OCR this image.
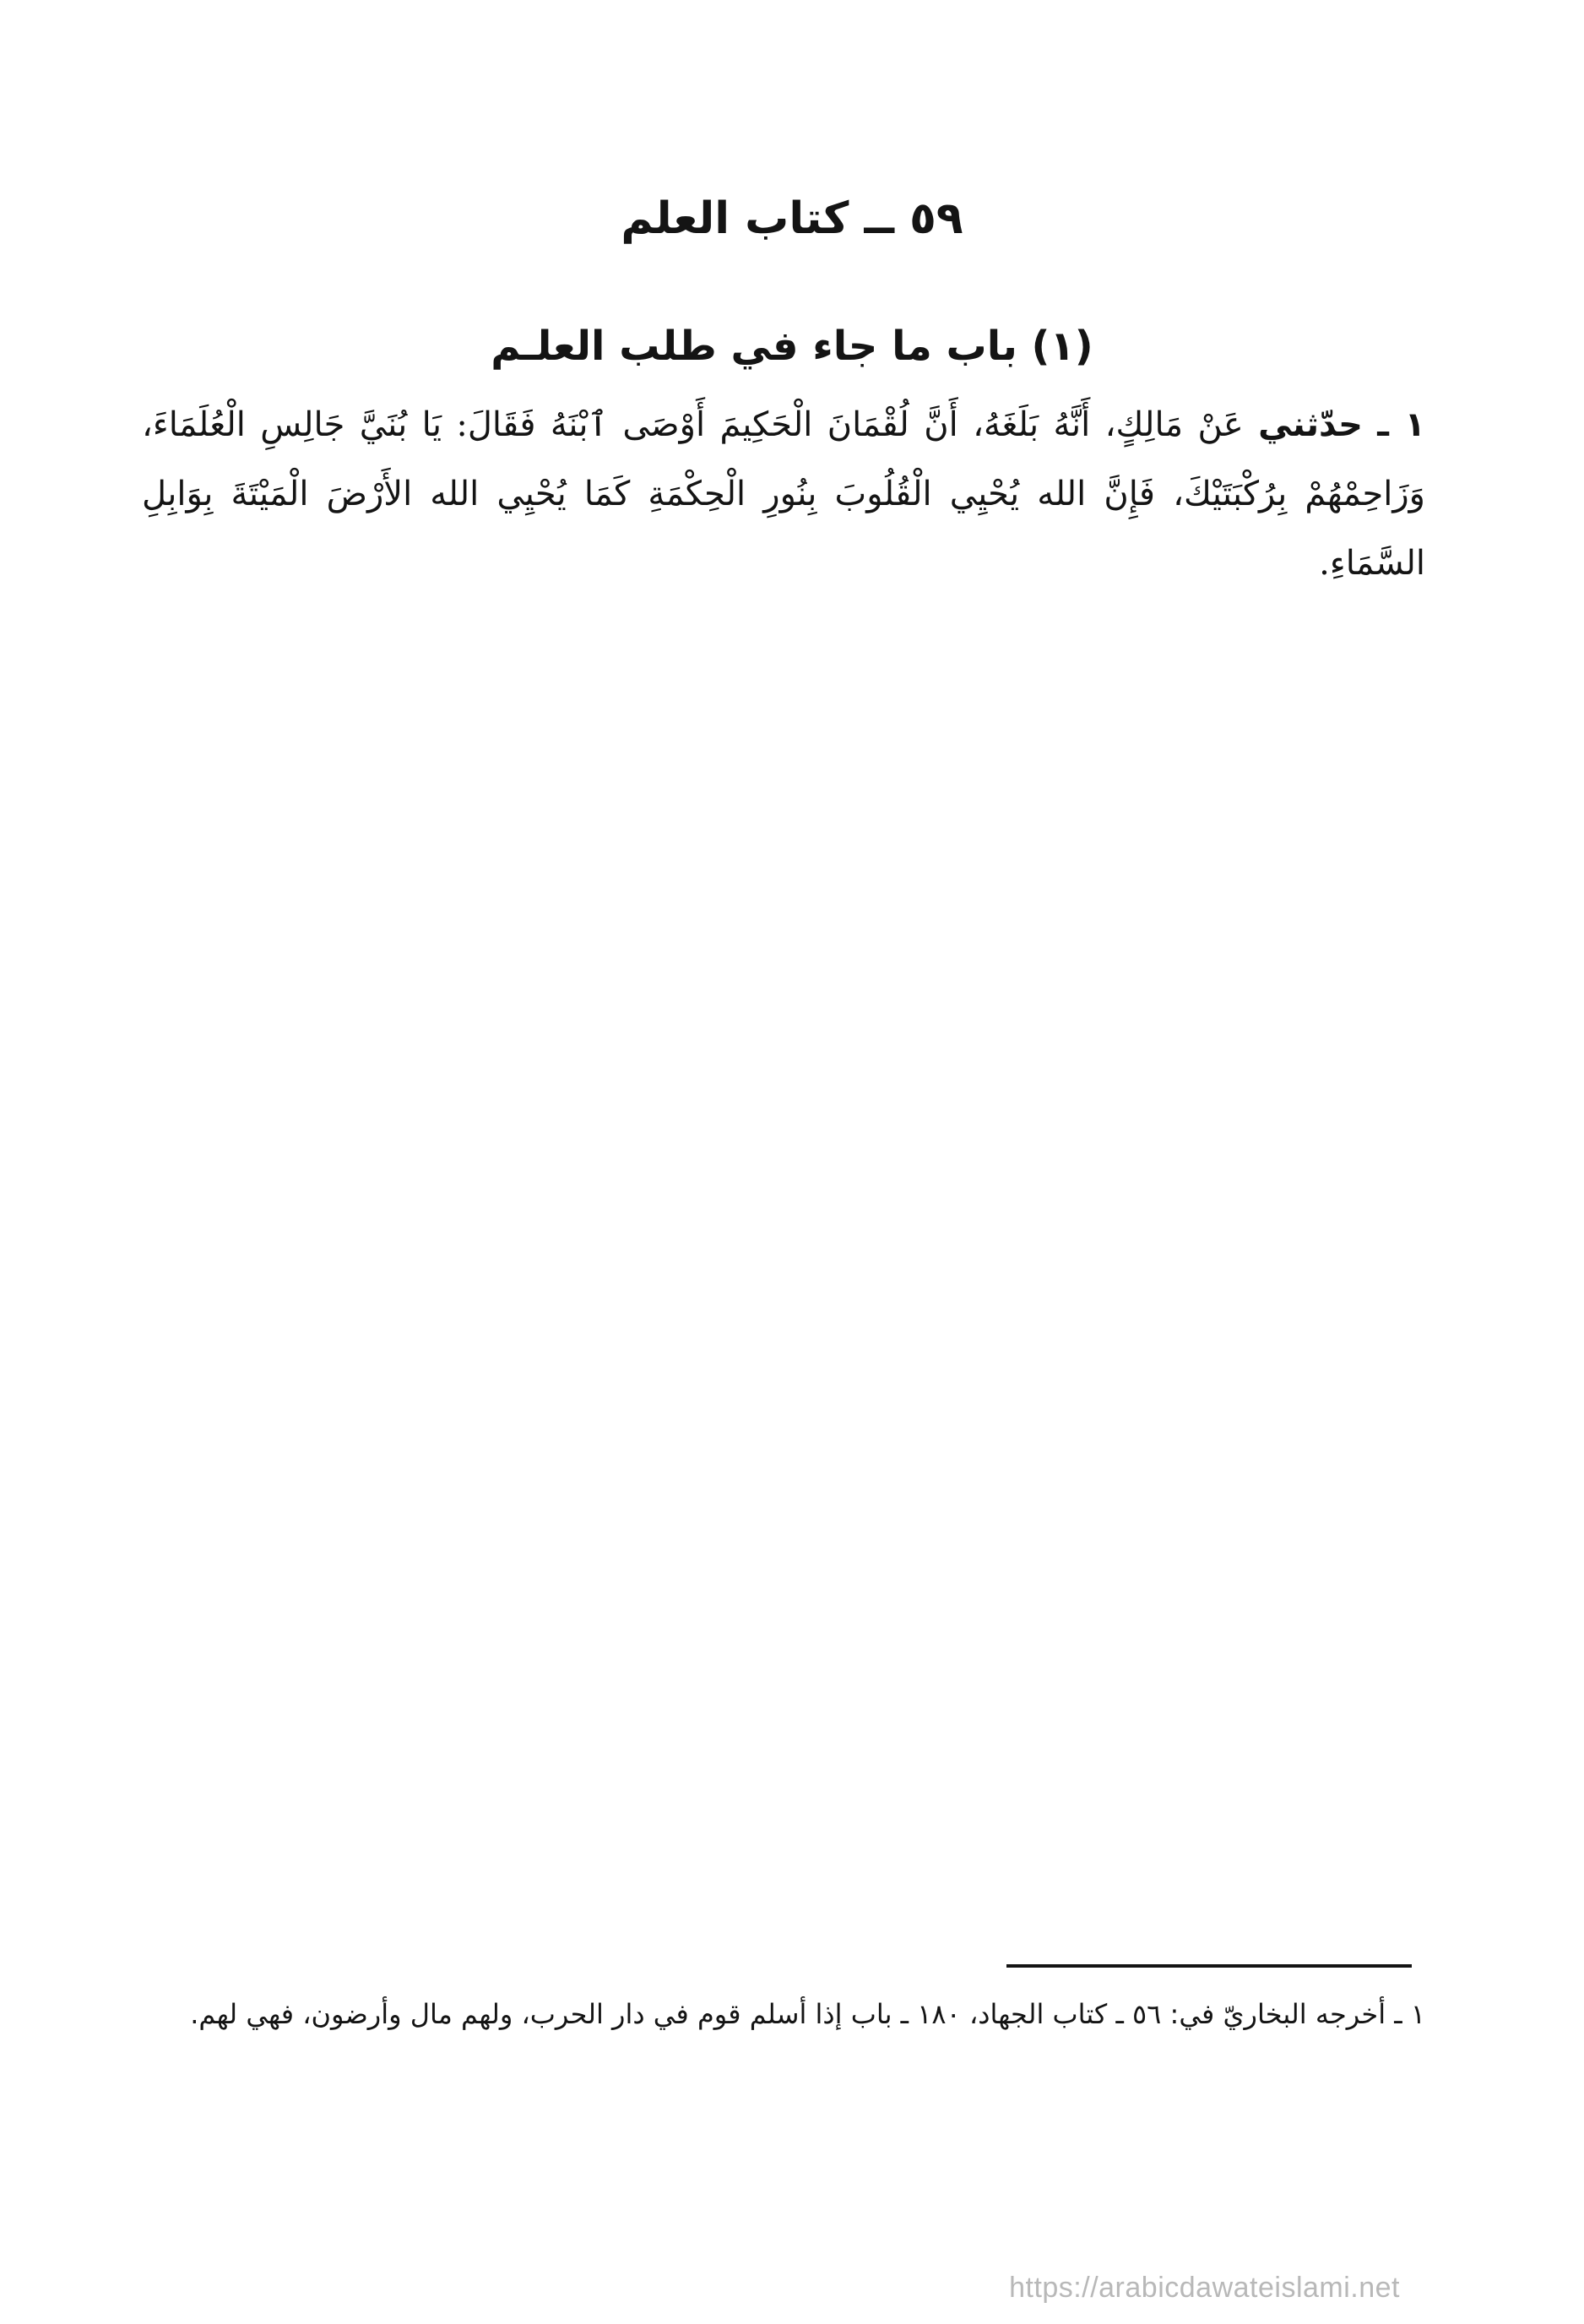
٥٩ ــ كتاب العلم
(١) باب ما جاء في طلب العلـم

١ ـ حدّثني عَنْ مَالِكٍ، أَنَّهُ بَلَغَهُ، أَنَّ لُقْمَانَ الْحَكِيمَ أَوْصَى ٱبْنَهُ فَقَالَ: يَا بُنَيَّ جَالِسِ الْعُلَمَاءَ، وَزَاحِمْهُمْ بِرُكْبَتَيْكَ، فَإِنَّ الله يُحْيِي الْقُلُوبَ بِنُورِ الْحِكْمَةِ كَمَا يُحْيِي الله الأَرْضَ الْمَيْتَةَ بِوَابِلِ السَّمَاءِ.

١ ـ أخرجه البخاريّ في: ٥٦ ـ كتاب الجهاد، ١٨٠ ـ باب إذا أسلم قوم في دار الحرب، ولهم مال وأرضون، فهي لهم.

https://arabicdawateislami.net
